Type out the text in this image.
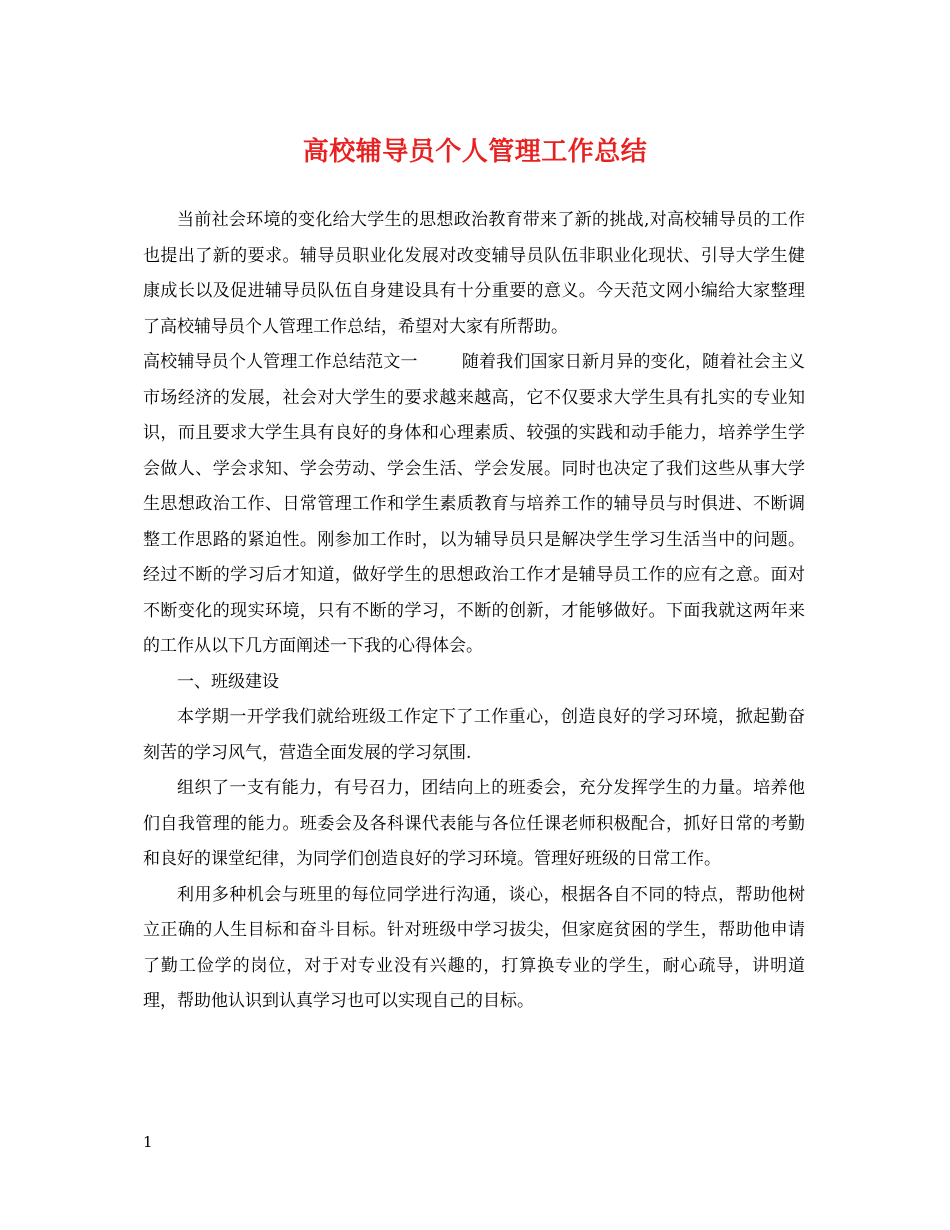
高校辅导员个人管理工作总结

当前社会环境的变化给大学生的思想政治教育带来了新的挑战,对高校辅导员的工作也提出了新的要求。辅导员职业化发展对改变辅导员队伍非职业化现状、引导大学生健康成长以及促进辅导员队伍自身建设具有十分重要的意义。今天范文网小编给大家整理了高校辅导员个人管理工作总结，希望对大家有所帮助。

高校辅导员个人管理工作总结范文一	随着我们国家日新月异的变化，随着社会主义市场经济的发展，社会对大学生的要求越来越高，它不仅要求大学生具有扎实的专业知识，而且要求大学生具有良好的身体和心理素质、较强的实践和动手能力，培养学生学会做人、学会求知、学会劳动、学会生活、学会发展。同时也决定了我们这些从事大学生思想政治工作、日常管理工作和学生素质教育与培养工作的辅导员与时俱进、不断调整工作思路的紧迫性。刚参加工作时，以为辅导员只是解决学生学习生活当中的问题。经过不断的学习后才知道，做好学生的思想政治工作才是辅导员工作的应有之意。面对不断变化的现实环境，只有不断的学习，不断的创新，才能够做好。下面我就这两年来的工作从以下几方面阐述一下我的心得体会。

一、班级建设

本学期一开学我们就给班级工作定下了工作重心，创造良好的学习环境，掀起勤奋刻苦的学习风气，营造全面发展的学习氛围.

组织了一支有能力，有号召力，团结向上的班委会，充分发挥学生的力量。培养他们自我管理的能力。班委会及各科课代表能与各位任课老师积极配合，抓好日常的考勤和良好的课堂纪律，为同学们创造良好的学习环境。管理好班级的日常工作。

利用多种机会与班里的每位同学进行沟通，谈心，根据各自不同的特点，帮助他树立正确的人生目标和奋斗目标。针对班级中学习拔尖，但家庭贫困的学生，帮助他申请了勤工俭学的岗位，对于对专业没有兴趣的，打算换专业的学生，耐心疏导，讲明道理，帮助他认识到认真学习也可以实现自己的目标。

1
